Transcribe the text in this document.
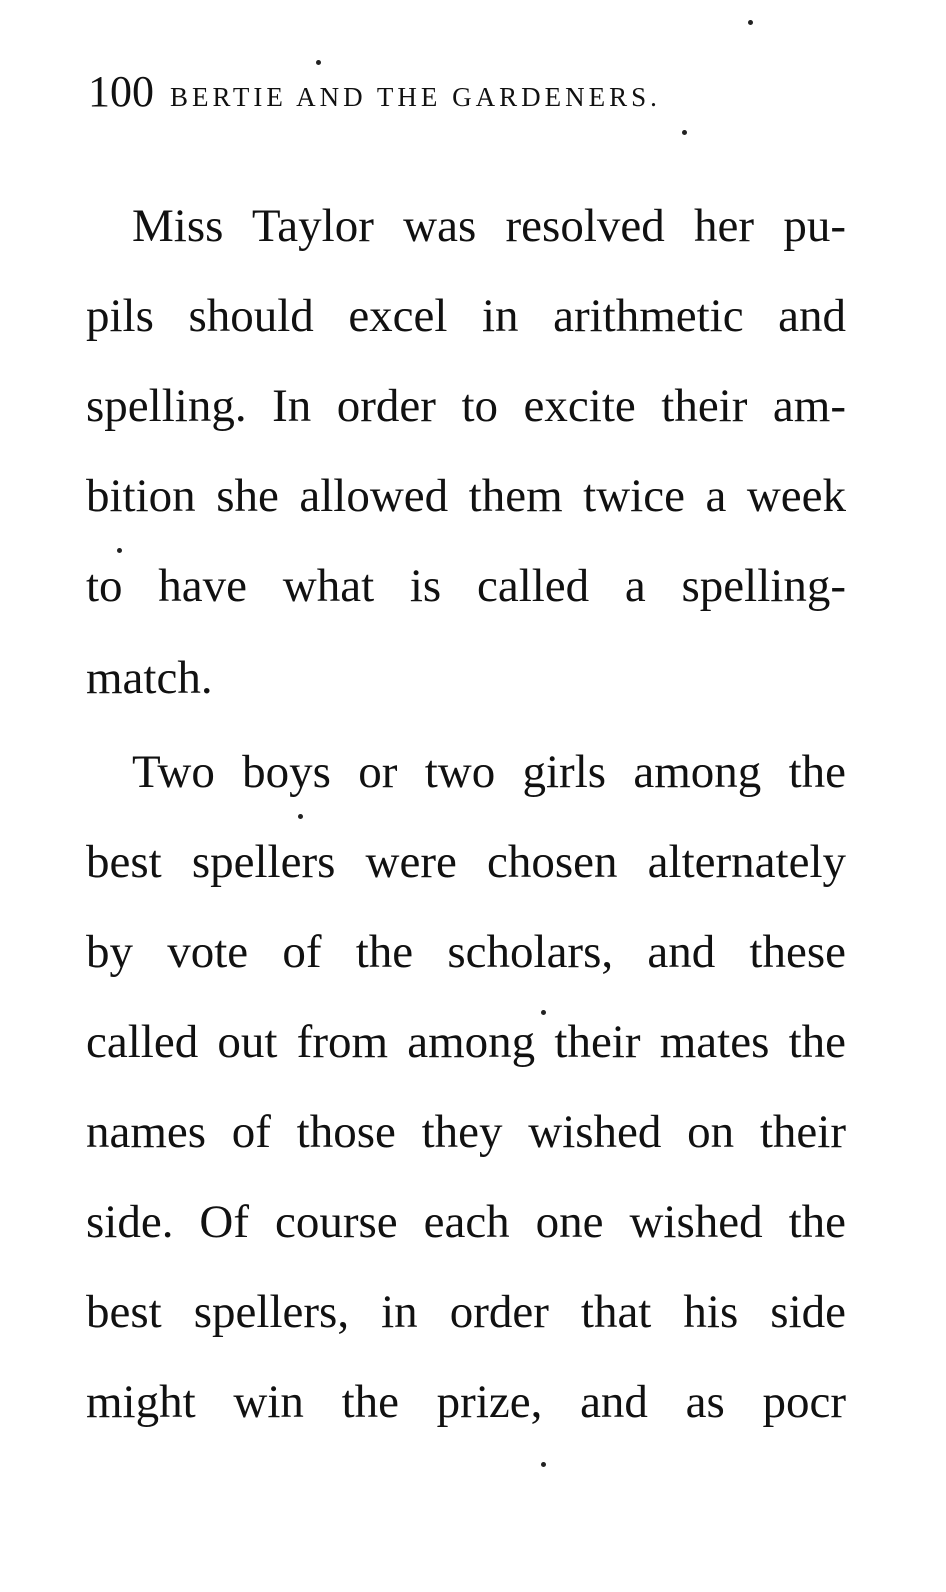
100 BERTIE AND THE GARDENERS.
Miss Taylor was resolved her pu-
pils should excel in arithmetic and
spelling. In order to excite their am-
bition she allowed them twice a week
to have what is called a spelling-
match.
Two boys or two girls among the
best spellers were chosen alternately
by vote of the scholars, and these
called out from among their mates the
names of those they wished on their
side. Of course each one wished the
best spellers, in order that his side
might win the prize, and as pocr
